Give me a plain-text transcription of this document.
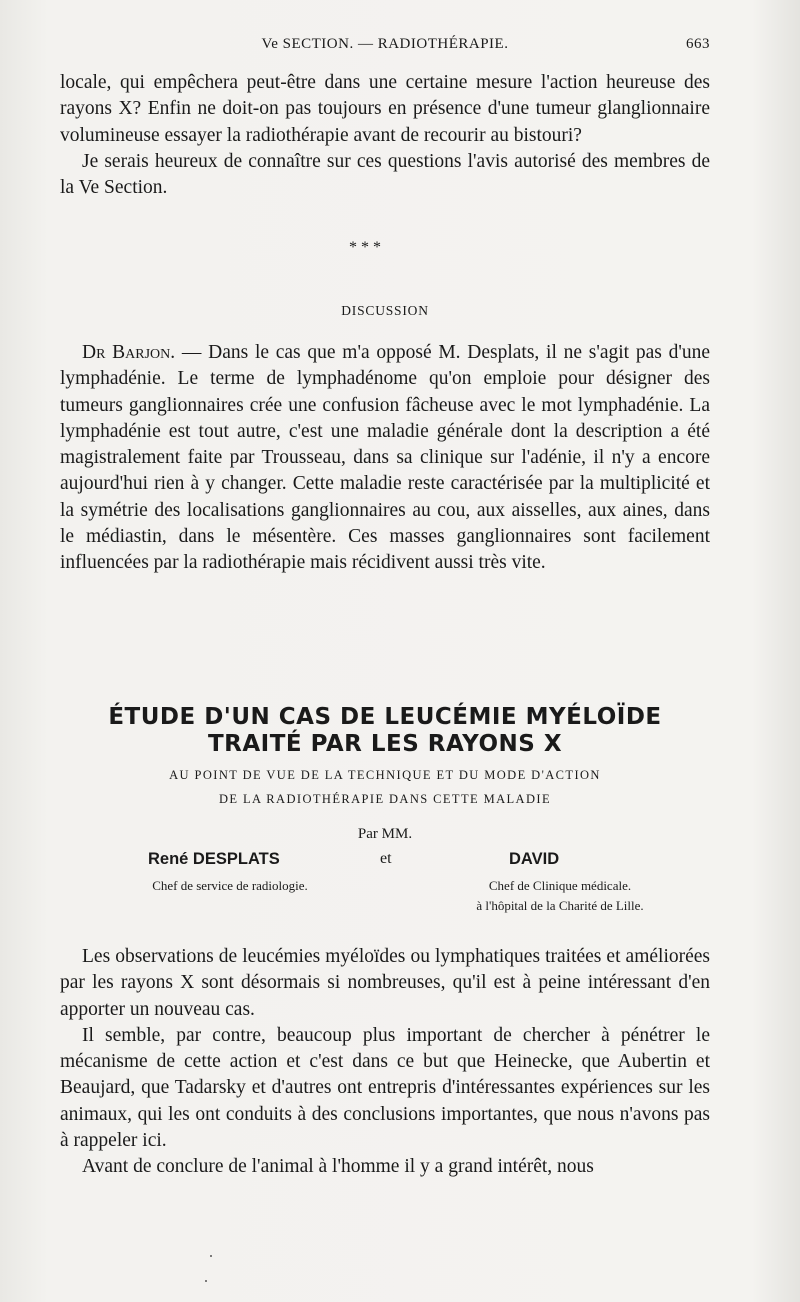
Ve SECTION. — RADIOTHÉRAPIE.	663

locale, qui empêchera peut-être dans une certaine mesure l'action heureuse des rayons X? Enfin ne doit-on pas toujours en présence d'une tumeur glanglionnaire volumineuse essayer la radiothérapie avant de recourir au bistouri?

Je serais heureux de connaître sur ces questions l'avis autorisé des membres de la Ve Section.

* * *
DISCUSSION

Dr Barjon. — Dans le cas que m'a opposé M. Desplats, il ne s'agit pas d'une lymphadénie. Le terme de lymphadénome qu'on emploie pour désigner des tumeurs ganglionnaires crée une confusion fâcheuse avec le mot lymphadénie. La lymphadénie est tout autre, c'est une maladie générale dont la description a été magistralement faite par Trousseau, dans sa clinique sur l'adénie, il n'y a encore aujourd'hui rien à y changer. Cette maladie reste caractérisée par la multiplicité et la symétrie des localisations ganglionnaires au cou, aux aisselles, aux aines, dans le médiastin, dans le mésentère. Ces masses ganglionnaires sont facilement influencées par la radiothérapie mais récidivent aussi très vite.

ÉTUDE D'UN CAS DE LEUCÉMIE MYÉLOÏDE
TRAITÉ PAR LES RAYONS X
AU POINT DE VUE DE LA TECHNIQUE ET DU MODE D'ACTION
DE LA RADIOTHÉRAPIE DANS CETTE MALADIE
Par MM.
René DESPLATS	et	DAVID
Chef de service de radiologie.	Chef de Clinique médicale.
à l'hôpital de la Charité de Lille.

Les observations de leucémies myéloïdes ou lymphatiques traitées et améliorées par les rayons X sont désormais si nombreuses, qu'il est à peine intéressant d'en apporter un nouveau cas.

Il semble, par contre, beaucoup plus important de chercher à pénétrer le mécanisme de cette action et c'est dans ce but que Heinecke, que Aubertin et Beaujard, que Tadarsky et d'autres ont entrepris d'intéressantes expériences sur les animaux, qui les ont conduits à des conclusions importantes, que nous n'avons pas à rappeler ici.

Avant de conclure de l'animal à l'homme il y a grand intérêt, nous
